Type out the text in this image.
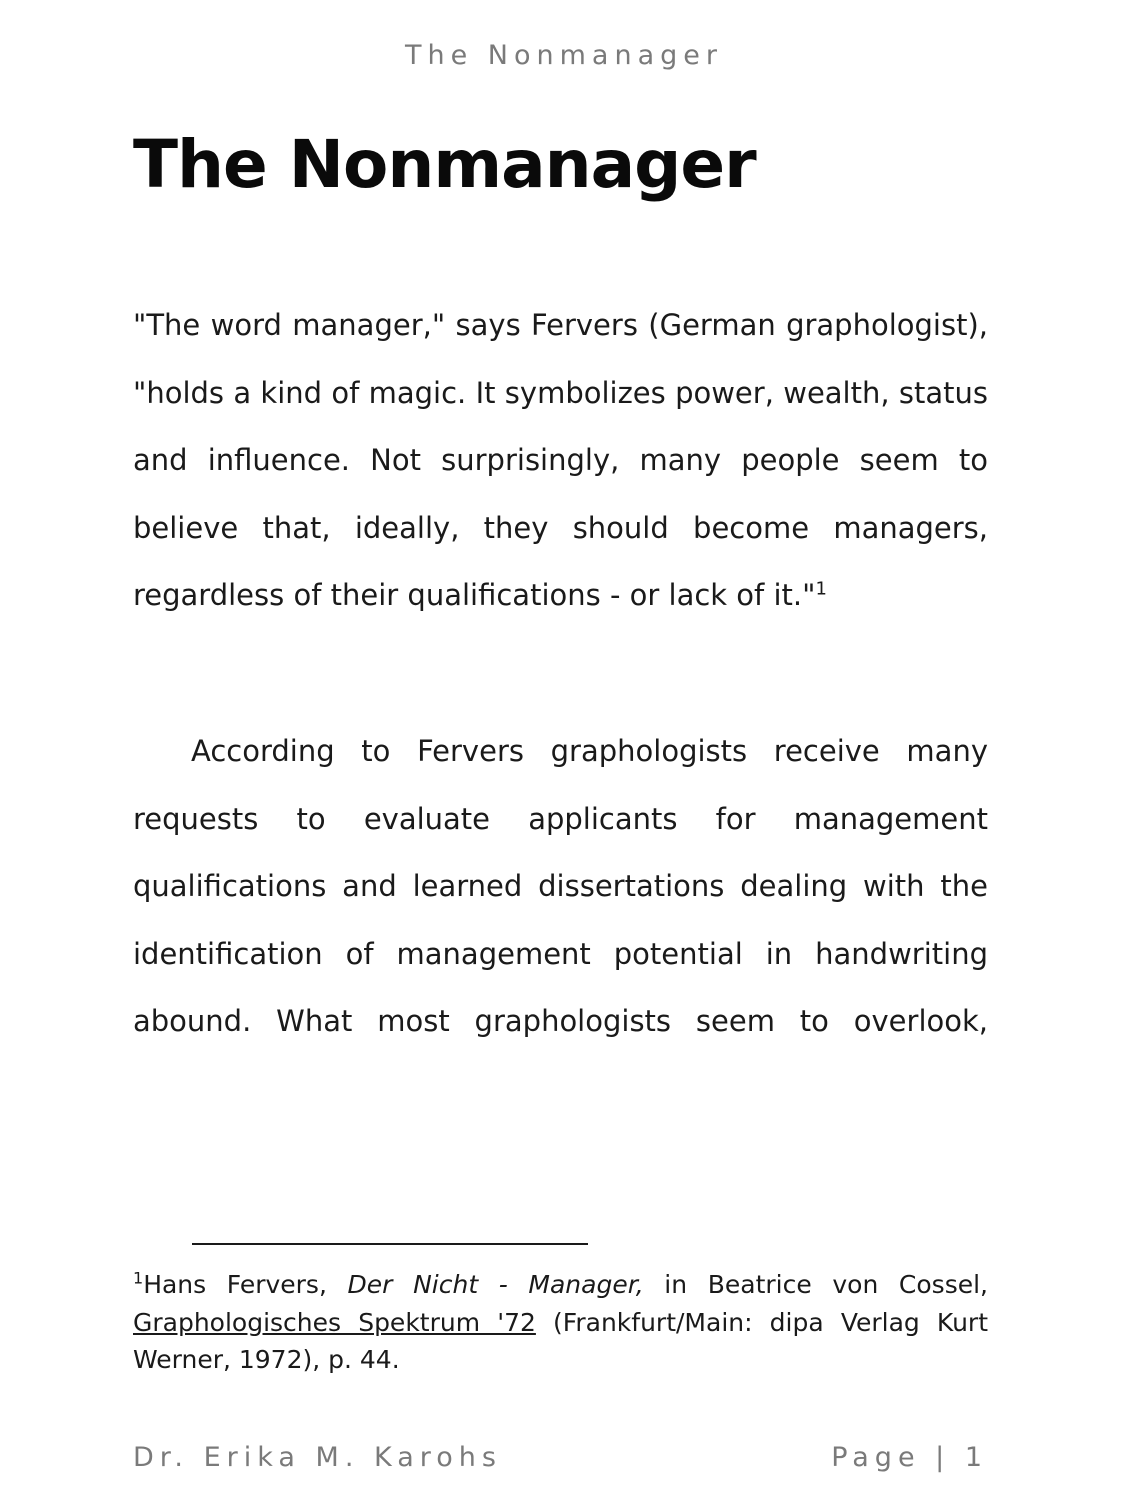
The Nonmanager
The Nonmanager

"The word manager," says Fervers (German graphologist), "holds a kind of magic. It symbolizes power, wealth, status and influence. Not surprisingly, many people seem to believe that, ideally, they should become managers, regardless of their qualifications - or lack of it."$^1$

According to Fervers graphologists receive many requests to evaluate applicants for management qualifications and learned dissertations dealing with the identification of management potential in handwriting abound. What most graphologists seem to overlook,

$^1$Hans Fervers, Der Nicht - Manager, in Beatrice von Cossel, Graphologisches Spektrum '72 (Frankfurt/Main: dipa Verlag Kurt Werner, 1972), p. 44.

Dr. Erika M. Karohs	Page | 1
